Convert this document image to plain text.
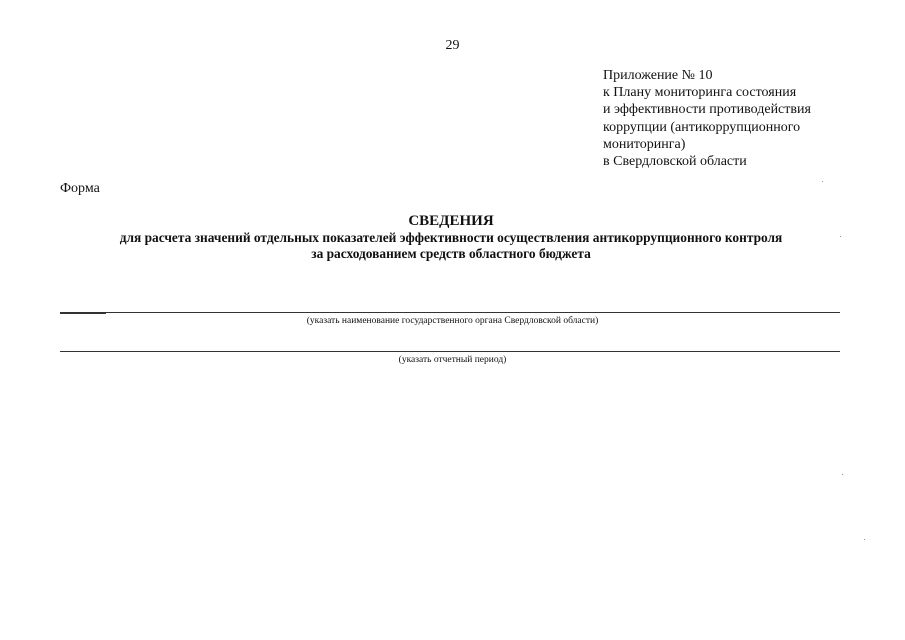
29
Приложение № 10
к Плану мониторинга состояния
и эффективности противодействия
коррупции (антикоррупционного
мониторинга)
в Свердловской области
Форма
СВЕДЕНИЯ
для расчета значений отдельных показателей эффективности осуществления антикоррупционного контроля
за расходованием средств областного бюджета
(указать наименование государственного органа Свердловской области)
(указать отчетный период)
